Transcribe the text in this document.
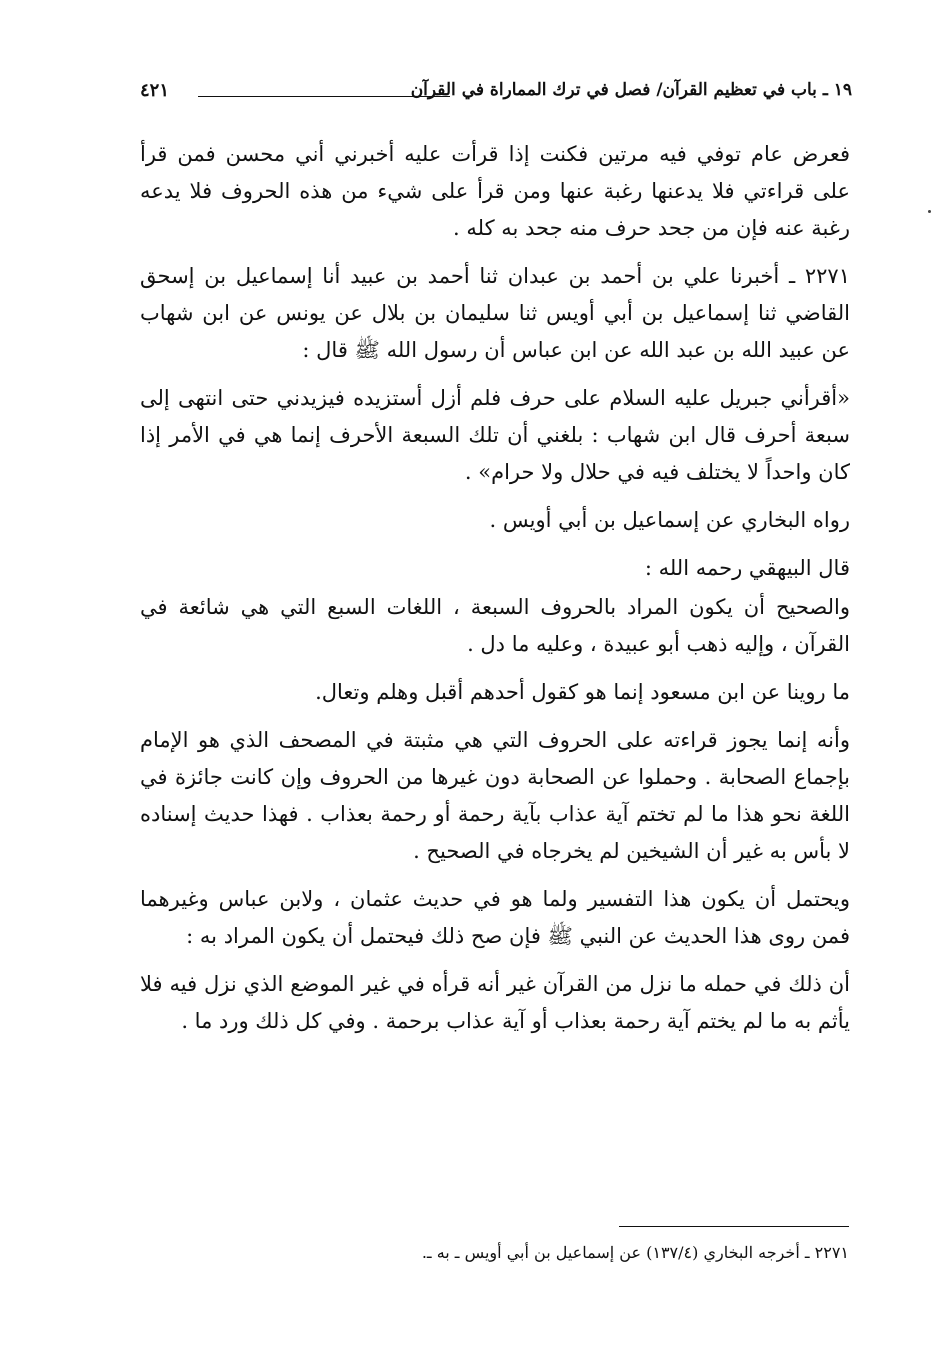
١٩ ـ باب في تعظيم القرآن/ فصل في ترك المماراة في القرآن
٤٢١

فعرض عام توفي فيه مرتين فكنت إذا قرأت عليه أخبرني أني محسن فمن قرأ على قراءتي فلا يدعنها رغبة عنها ومن قرأ على شيء من هذه الحروف فلا يدعه رغبة عنه فإن من جحد حرف منه جحد به كله .

٢٢٧١ ـ أخبرنا علي بن أحمد بن عبدان ثنا أحمد بن عبيد أنا إسماعيل بن إسحق القاضي ثنا إسماعيل بن أبي أويس ثنا سليمان بن بلال عن يونس عن ابن شهاب عن عبيد الله بن عبد الله عن ابن عباس أن رسول الله ﷺ قال :

«أقرأني جبريل عليه السلام على حرف فلم أزل أستزيده فيزيدني حتى انتهى إلى سبعة أحرف قال ابن شهاب : بلغني أن تلك السبعة الأحرف إنما هي في الأمر إذا كان واحداً لا يختلف فيه في حلال ولا حرام» .

رواه البخاري عن إسماعيل بن أبي أويس .

قال البيهقي رحمه الله :

والصحيح أن يكون المراد بالحروف السبعة ، اللغات السبع التي هي شائعة في القرآن ، وإليه ذهب أبو عبيدة ، وعليه ما دل .

ما روينا عن ابن مسعود إنما هو كقول أحدهم أقبل وهلم وتعال.

وأنه إنما يجوز قراءته على الحروف التي هي مثبتة في المصحف الذي هو الإمام بإجماع الصحابة . وحملوا عن الصحابة دون غيرها من الحروف وإن كانت جائزة في اللغة نحو هذا ما لم تختم آية عذاب بآية رحمة أو رحمة بعذاب . فهذا حديث إسناده لا بأس به غير أن الشيخين لم يخرجاه في الصحيح .

ويحتمل أن يكون هذا التفسير ولما هو في حديث عثمان ، ولابن عباس وغيرهما فمن روى هذا الحديث عن النبي ﷺ فإن صح ذلك فيحتمل أن يكون المراد به :

أن ذلك في حمله ما نزل من القرآن غير أنه قرأه في غير الموضع الذي نزل فيه فلا يأثم به ما لم يختم آية رحمة بعذاب أو آية عذاب برحمة . وفي كل ذلك ورد ما .

٢٢٧١ ـ أخرجه البخاري (١٣٧/٤) عن إسماعيل بن أبي أويس ـ به ـ.
